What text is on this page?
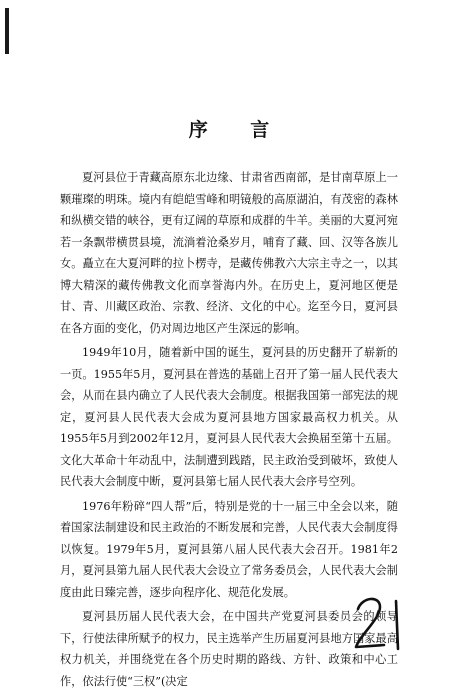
序 言

夏河县位于青藏高原东北边缘、甘肃省西南部，是甘南草原上一颗璀璨的明珠。境内有皑皑雪峰和明镜般的高原湖泊，有茂密的森林和纵横交错的峡谷，更有辽阔的草原和成群的牛羊。美丽的大夏河宛若一条飘带横贯县境，流淌着沧桑岁月，哺育了藏、回、汉等各族儿女。矗立在大夏河畔的拉卜楞寺，是藏传佛教六大宗主寺之一，以其博大精深的藏传佛教文化而享誉海内外。在历史上，夏河地区便是甘、青、川藏区政治、宗教、经济、文化的中心。迄至今日，夏河县在各方面的变化，仍对周边地区产生深远的影响。

1949年10月，随着新中国的诞生，夏河县的历史翻开了崭新的一页。1955年5月，夏河县在普选的基础上召开了第一届人民代表大会，从而在县内确立了人民代表大会制度。根据我国第一部宪法的规定，夏河县人民代表大会成为夏河县地方国家最高权力机关。从1955年5月到2002年12月，夏河县人民代表大会换届至第十五届。文化大革命十年动乱中，法制遭到践踏，民主政治受到破坏，致使人民代表大会制度中断，夏河县第七届人民代表大会序号空列。

1976年粉碎“四人帮”后，特别是党的十一届三中全会以来，随着国家法制建设和民主政治的不断发展和完善，人民代表大会制度得以恢复。1979年5月，夏河县第八届人民代表大会召开。1981年2月，夏河县第九届人民代表大会设立了常务委员会，人民代表大会制度由此日臻完善，逐步向程序化、规范化发展。

夏河县历届人民代表大会，在中国共产党夏河县委员会的领导下，行使法律所赋予的权力，民主选举产生历届夏河县地方国家最高权力机关，并围绕党在各个历史时期的路线、方针、政策和中心工作，依法行使“三权”(决定
